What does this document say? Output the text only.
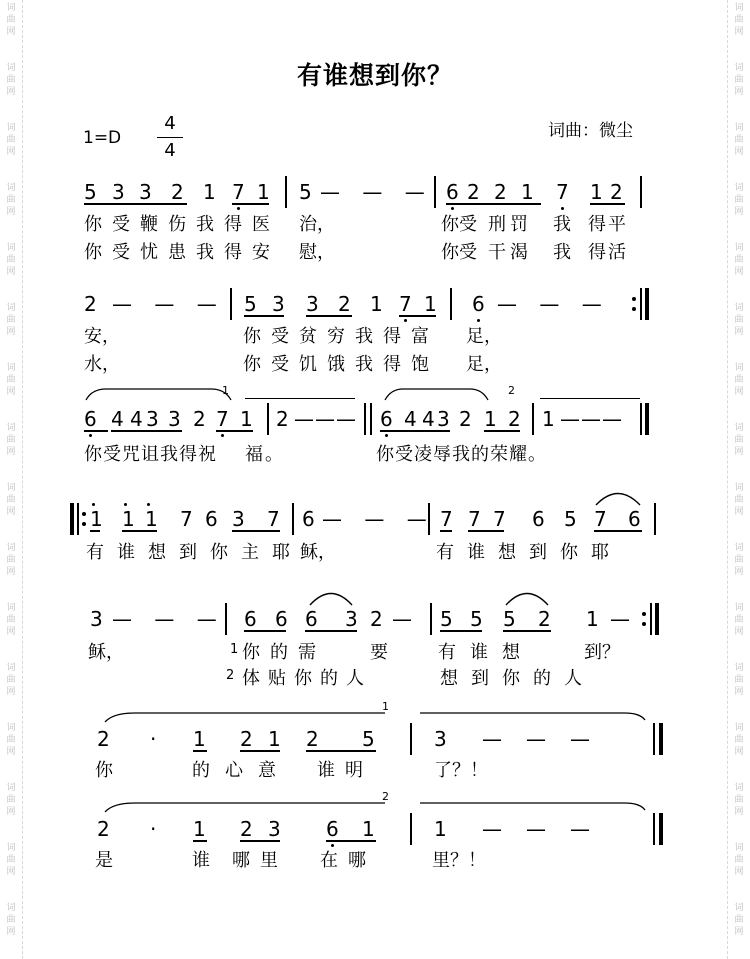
词
曲
网
词
曲
网
词
曲
网
词
曲
网
词
曲
网
词
曲
网
词
曲
网
词
曲
网
词
曲
网
词
曲
网
词
曲
网
词
曲
网
词
曲
网
词
曲
网
词
曲
网
词
曲
网
词
曲
网
词
曲
网
词
曲
网
词
曲
网
词
曲
网
词
曲
网
词
曲
网
词
曲
网
词
曲
网
词
曲
网
词
曲
网
词
曲
网
词
曲
网
词
曲
网
词
曲
网
词
曲
网
有谁想到你？
1=D
4
4
词曲：微尘
5 3 3 2 1 7 1 5 — — — 6 2 2 1 7 1 2
你受鞭伤我得医 治，	你受 刑罚 我 得平
你受忧患我得安 慰，	你受 干渴 我 得活
2 — — — 5 3 3 2 1 7 1 6 — — —
安，	你受贫穷我得富 足，
水，	你受饥饿我得饱 足，
1	2
6 4 4 3 3 2 7 1 2 ——— 6 4 4 3 2 1 2 1 ———
你受咒诅我得祝 福。	你受凌辱我的荣耀。
1 1 1 7 6 3 7 6 — — — 7 7 7 6 5 7 6
有谁想到你主耶
稣，	有谁想到你耶
3 — — — 6 6 6 3 2 — 5 5 5 2 1 —
稣，	1 你的需 要	有谁想	到？
2 体贴你的人	想到你的人
1
2 · 1 2 1 2 5	3 ———
你	的心意 谁明	了？！
2
2 · 1 2 3 6 1	1 ———
是	谁 哪里 在哪	里？！
